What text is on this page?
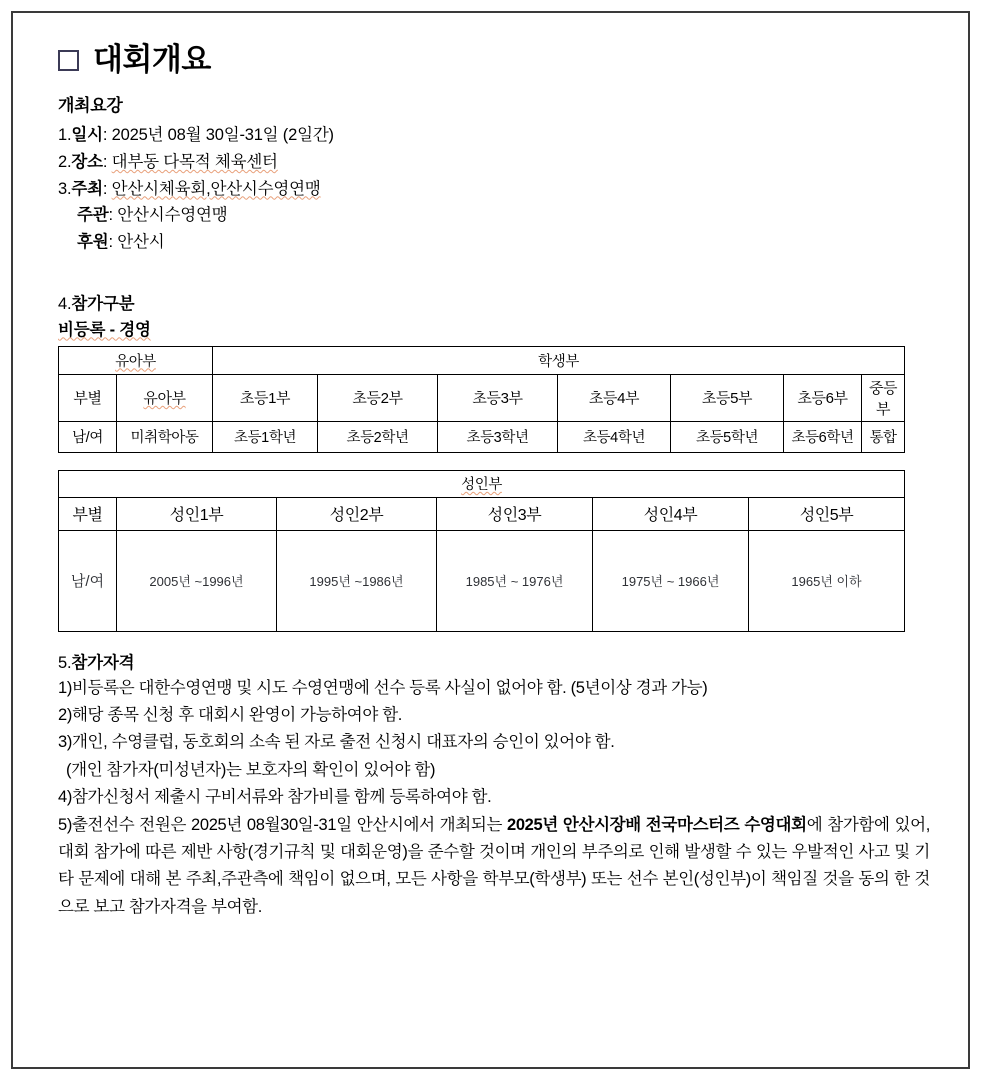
대회개요
개최요강
1.일시: 2025년 08월 30일-31일 (2일간)
2.장소: 대부동 다목적 체육센터
3.주최: 안산시체육회,안산시수영연맹
주관: 안산시수영연맹
후원: 안산시
4.참가구분
비등록 - 경영
유아부		학생부						
부별	유아부	초등1부	초등2부	초등3부	초등4부	초등5부	초등6부	중등부
남/여	미취학아동	초등1학년	초등2학년	초등3학년	초등4학년	초등5학년	초등6학년	통합
성인부					
부별	성인1부	성인2부	성인3부	성인4부	성인5부
남/여	2005년 ~1996년	1995년 ~1986년	1985년 ~ 1976년	1975년 ~ 1966년	1965년 이하
5.참가자격

1)비등록은 대한수영연맹 및 시도 수영연맹에 선수 등록 사실이 없어야 함. (5년이상 경과 가능)

2)해당 종목 신청 후 대회시 완영이 가능하여야 함.

3)개인, 수영클럽, 동호회의 소속 된 자로 출전 신청시 대표자의 승인이 있어야 함.

(개인 참가자(미성년자)는 보호자의 확인이 있어야 함)

4)참가신청서 제출시 구비서류와 참가비를 함께 등록하여야 함.

5)출전선수 전원은 2025년 08월30일-31일 안산시에서 개최되는 2025년 안산시장배 전국마스터즈 수영대회에 참가함에 있어, 대회 참가에 따른 제반 사항(경기규칙 및 대회운영)을 준수할 것이며 개인의 부주의로 인해 발생할 수 있는 우발적인 사고 및 기타 문제에 대해 본 주최,주관측에 책임이 없으며, 모든 사항을 학부모(학생부) 또는 선수 본인(성인부)이 책임질 것을 동의 한 것으로 보고 참가자격을 부여함.
